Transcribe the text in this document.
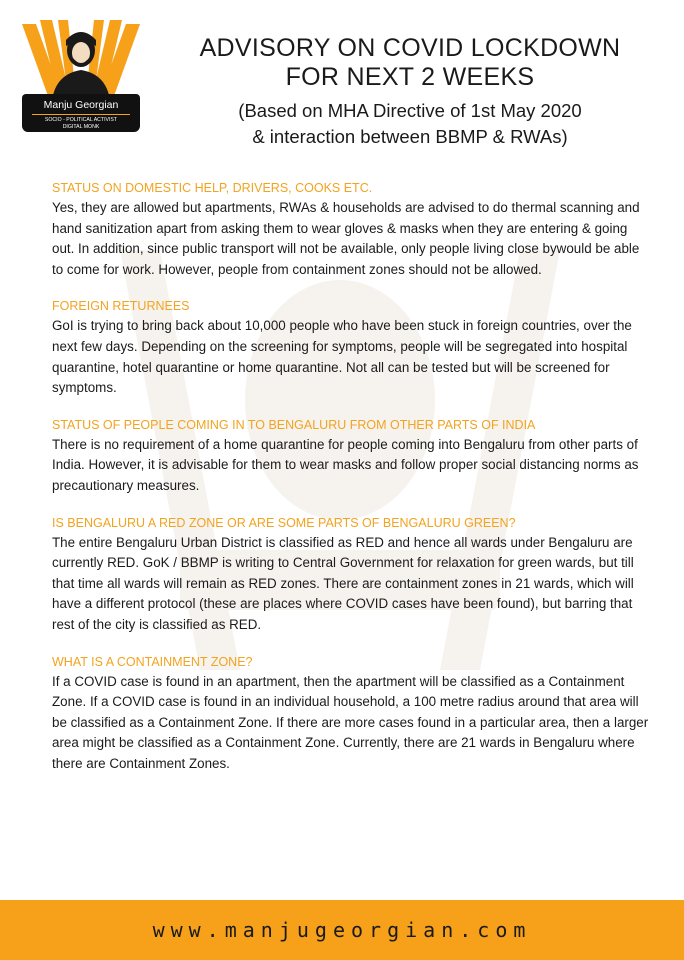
Manju Georgian
SOCIO - POLITICAL ACTIVIST
DIGITAL MONK
ADVISORY ON COVID LOCKDOWN
FOR NEXT 2 WEEKS
(Based on MHA Directive of 1st May 2020
& interaction between BBMP & RWAs)

STATUS ON DOMESTIC HELP, DRIVERS, COOKS ETC.

Yes, they are allowed but apartments, RWAs & households are advised to do thermal scanning and hand sanitization apart from asking them to wear gloves & masks when they are entering & going out. In addition, since public transport will not be available, only people living close bywould be able to come for work. However, people from containment zones should not be allowed.

FOREIGN RETURNEES

GoI is trying to bring back about 10,000 people who have been stuck in foreign countries, over the next few days. Depending on the screening for symptoms, people will be segregated into hospital quarantine, hotel quarantine or home quarantine. Not all can be tested but will be screened for symptoms.

STATUS OF PEOPLE COMING IN TO BENGALURU FROM OTHER PARTS OF INDIA

There is no requirement of a home quarantine for people coming into Bengaluru from other parts of India. However, it is advisable for them to wear masks and follow proper social distancing norms as precautionary measures.

IS BENGALURU A RED ZONE OR ARE SOME PARTS OF BENGALURU GREEN?

The entire Bengaluru Urban District is classified as RED and hence all wards under Bengaluru are currently RED. GoK / BBMP is writing to Central Government for relaxation for green wards, but till that time all wards will remain as RED zones. There are containment zones in 21 wards, which will have a different protocol (these are places where COVID cases have been found), but barring that rest of the city is classified as RED.

WHAT IS A CONTAINMENT ZONE?

If a COVID case is found in an apartment, then the apartment will be classified as a Containment Zone. If a COVID case is found in an individual household, a 100 metre radius around that area will be classified as a Containment Zone. If there are more cases found in a particular area, then a larger area might be classified as a Containment Zone. Currently, there are 21 wards in Bengaluru where there are Containment Zones.

www.manjugeorgian.com
